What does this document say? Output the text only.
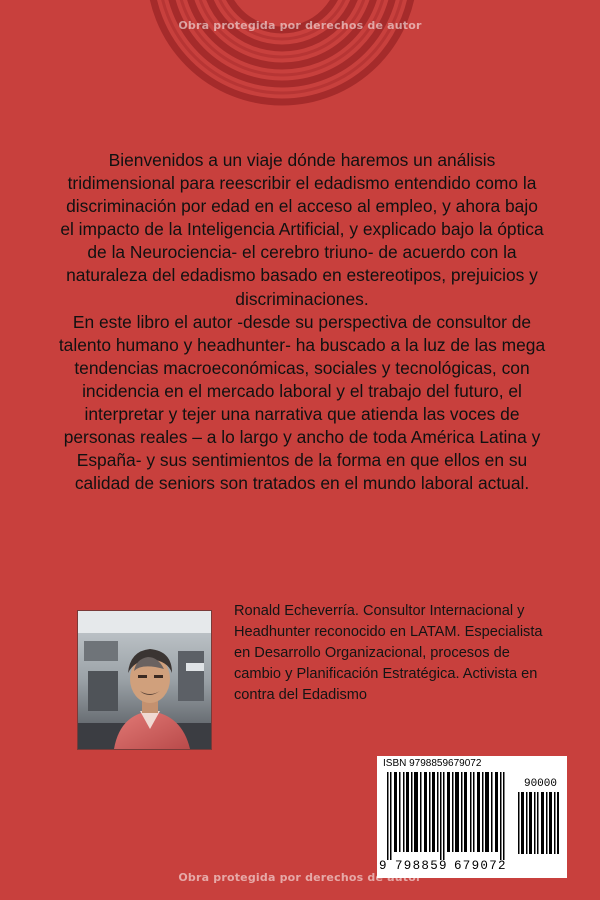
Obra protegida por derechos de autor

Bienvenidos a un viaje dónde haremos un análisis tridimensional para reescribir el edadismo entendido como la discriminación por edad en el acceso al empleo, y ahora bajo el impacto de la Inteligencia Artificial, y explicado bajo la óptica de la Neurociencia- el cerebro triuno- de acuerdo con la naturaleza del edadismo basado en estereotipos, prejuicios y discriminaciones.

En este libro el autor -desde su perspectiva de consultor de talento humano y headhunter- ha buscado a la luz de las mega tendencias macroeconómicas, sociales y tecnológicas, con incidencia en el mercado laboral y el trabajo del futuro, el interpretar y tejer una narrativa que atienda las voces de personas reales – a lo largo y ancho de toda América Latina y España- y sus sentimientos de la forma en que ellos en su calidad de seniors son tratados en el mundo laboral actual.

Ronald Echeverría. Consultor Internacional y Headhunter reconocido en LATAM. Especialista en Desarrollo Organizacional, procesos de cambio y Planificación Estratégica. Activista en contra del Edadismo
ISBN 9798859679072
90000
9 798859 679072
Obra protegida por derechos de autor
